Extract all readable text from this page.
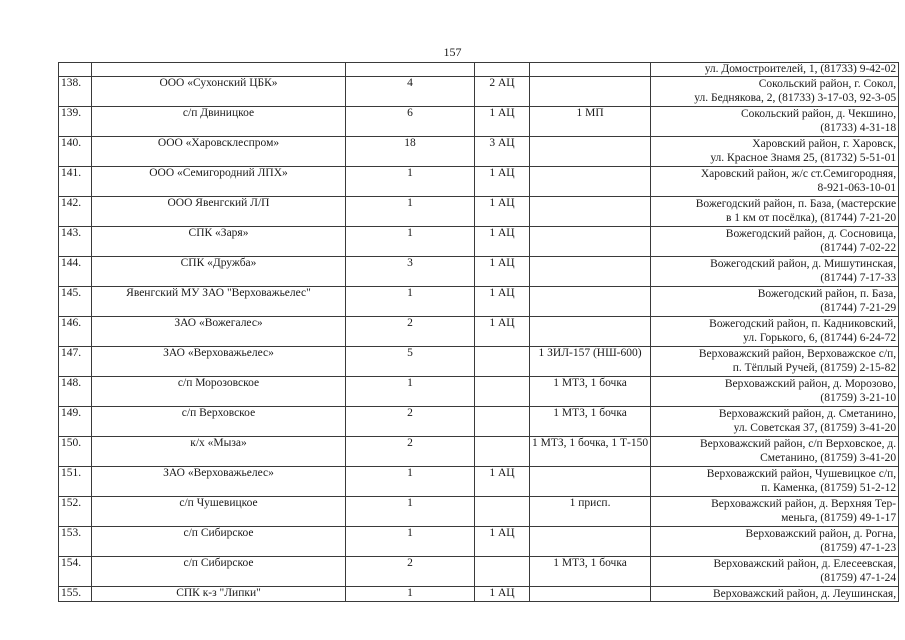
157
					ул. Домостроителей, 1, (81733) 9-42-02
138.	ООО «Сухонский ЦБК»	4	2 АЦ		Сокольский район, г. Сокол,
ул. Беднякова, 2, (81733) 3-17-03, 92-3-05

139.	с/п Двиницкое	6	1 АЦ	1 МП	Сокольский район, д. Чекшино,
(81733) 4-31-18

140.	ООО «Харовсклеспром»	18	3 АЦ		Харовский район, г. Харовск,
ул. Красное Знамя 25, (81732) 5-51-01

141.	ООО «Семигородний ЛПХ»	1	1 АЦ		Харовский район, ж/с ст.Семигородняя,
8-921-063-10-01

142.	ООО Явенгский Л/П	1	1 АЦ		Вожегодский район, п. База, (мастерские
в 1 км от посёлка), (81744) 7-21-20

143.	СПК «Заря»	1	1 АЦ		Вожегодский район, д. Сосновица,
(81744) 7-02-22

144.	СПК «Дружба»	3	1 АЦ		Вожегодский район, д. Мишутинская,
(81744) 7-17-33

145.	Явенгский МУ ЗАО "Верховажьелес"	1	1 АЦ		Вожегодский район, п. База,
(81744) 7-21-29

146.	ЗАО «Вожегалес»	2	1 АЦ		Вожегодский район, п. Кадниковский,
ул. Горького, 6, (81744) 6-24-72

147.	ЗАО «Верховажьелес»	5		1 ЗИЛ-157 (НШ-600)	Верховажский район, Верховажское с/п,
п. Тёплый Ручей, (81759) 2-15-82

148.	с/п Морозовское	1		1 МТЗ, 1 бочка	Верховажский район, д. Морозово,
(81759) 3-21-10

149.	с/п Верховское	2		1 МТЗ, 1 бочка	Верховажский район, д. Сметанино,
ул. Советская 37, (81759) 3-41-20

150.	к/х «Мыза»	2		1 МТЗ, 1 бочка, 1 Т-150	Верховажский район, с/п Верховское, д.
Сметанино, (81759) 3-41-20

151.	ЗАО «Верховажьелес»	1	1 АЦ		Верховажский район, Чушевицкое с/п,
п. Каменка, (81759) 51-2-12

152.	с/п Чушевицкое	1		1 присп.	Верховажский район, д. Верхняя Тер-
меньга, (81759) 49-1-17

153.	с/п Сибирское	1	1 АЦ		Верховажский район, д. Рогна,
(81759) 47-1-23

154.	с/п Сибирское	2		1 МТЗ, 1 бочка	Верховажский район, д. Елесеевская,
(81759) 47-1-24

155.	СПК к-з "Липки"	1	1 АЦ		Верховажский район, д. Леушинская,
